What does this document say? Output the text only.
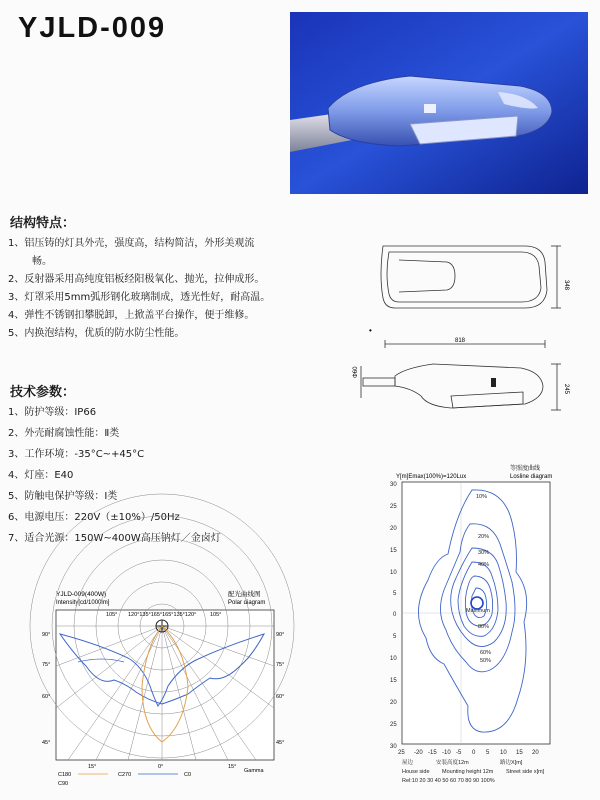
YJLD-009
结构特点：
1、铝压铸的灯具外壳，强度高，结构简洁，外形美观流
畅。
2、反射器采用高纯度铝板经阳极氧化、抛光，拉伸成形。
3、灯罩采用5mm弧形钢化玻璃制成，透光性好，耐高温。
4、弹性不锈钢扣攀脱卸，上掀盖平台操作，便于维修。
5、内换泡结构，优质的防水防尘性能。
技术参数：
1、防护等级：IP66
2、外壳耐腐蚀性能：Ⅱ类
3、工作环境：-35°C~+45°C
4、灯座：E40
5、防触电保护等级：Ⅰ类
6、电源电压：220V（±10%）/50Hz
7、适合光源：150W~400W高压钠灯／金卤灯
348
•
818
Φ60
245
YJLD-009(400W)
Intensity[cd/1000lm]
配光曲线图
Polar diagram
120°135°165°165°135°120°
105°	105°
90°	90°
75°	75°
60°	60°
45°	45°
15°	0°	15°
C180	C270	C0
C90
Gamma
等照度曲线
Y[m]Emax(100%)=120Lux	Losline diagram
30
25
20
15
10
5
0
5
10
15
20
25
30
25 -20 -15 -10 -5 0 5 10 15 20
10%
20%
30%
40%
Maximum
80%
60%
50%
屋边	安装高度12m	路边X[m]
House side Mounting height 12m Street side x[m]
Rel:10 20 30 40 50 60 70 80 90 100%
